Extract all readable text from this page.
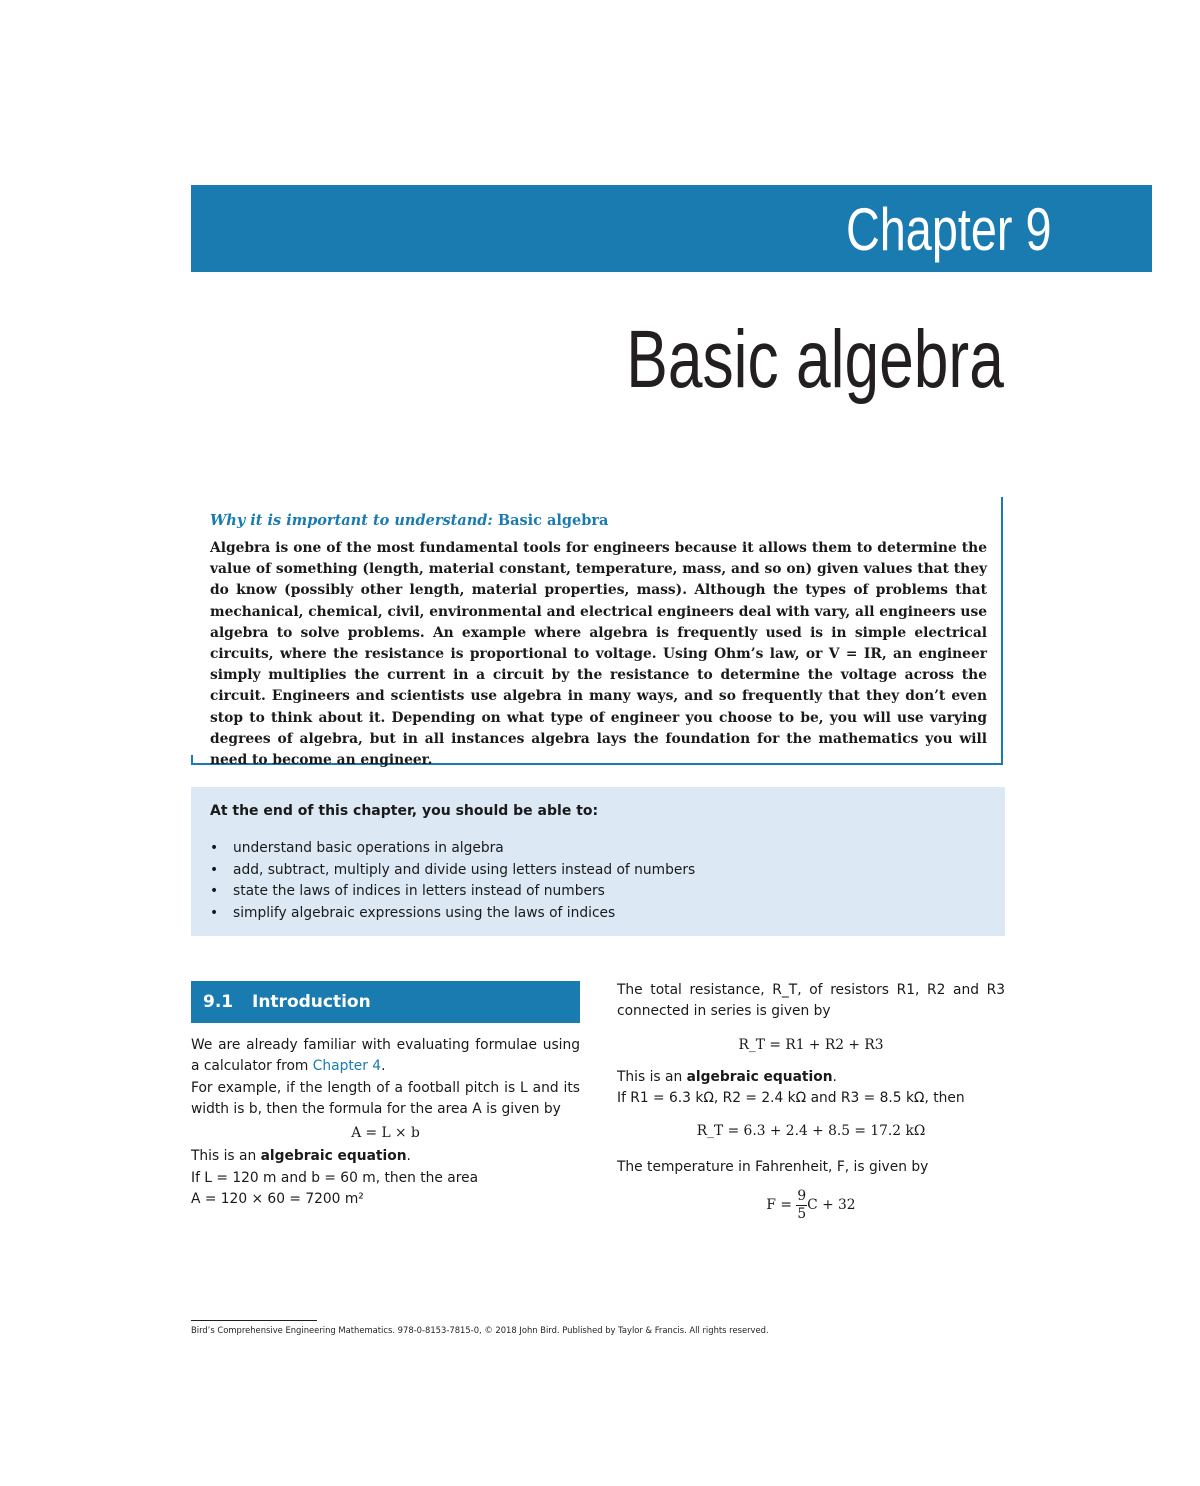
Chapter 9
Basic algebra
Why it is important to understand: Basic algebra
Algebra is one of the most fundamental tools for engineers because it allows them to determine the value of something (length, material constant, temperature, mass, and so on) given values that they do know (possibly other length, material properties, mass). Although the types of problems that mechanical, chemical, civil, environmental and electrical engineers deal with vary, all engineers use algebra to solve problems. An example where algebra is frequently used is in simple electrical circuits, where the resistance is proportional to voltage. Using Ohm’s law, or V = IR, an engineer simply multiplies the current in a circuit by the resistance to determine the voltage across the circuit. Engineers and scientists use algebra in many ways, and so frequently that they don’t even stop to think about it. Depending on what type of engineer you choose to be, you will use varying degrees of algebra, but in all instances algebra lays the foundation for the mathematics you will need to become an engineer.
At the end of this chapter, you should be able to:
• understand basic operations in algebra
• add, subtract, multiply and divide using letters instead of numbers
• state the laws of indices in letters instead of numbers
• simplify algebraic expressions using the laws of indices
9.1 Introduction

We are already familiar with evaluating formulae using a calculator from Chapter 4.

For example, if the length of a football pitch is L and its width is b, then the formula for the area A is given by

A = L × b

This is an algebraic equation.

If L = 120 m and b = 60 m, then the area

A = 120 × 60 = 7200 m²

The total resistance, R_T, of resistors R1, R2 and R3 connected in series is given by

R_T = R1 + R2 + R3

This is an algebraic equation.

If R1 = 6.3 kΩ, R2 = 2.4 kΩ and R3 = 8.5 kΩ, then

R_T = 6.3 + 2.4 + 8.5 = 17.2 kΩ

The temperature in Fahrenheit, F, is given by

$F = \frac{9}{5}$ C + 32

Bird’s Comprehensive Engineering Mathematics. 978-0-8153-7815-0, © 2018 John Bird. Published by Taylor & Francis. All rights reserved.
